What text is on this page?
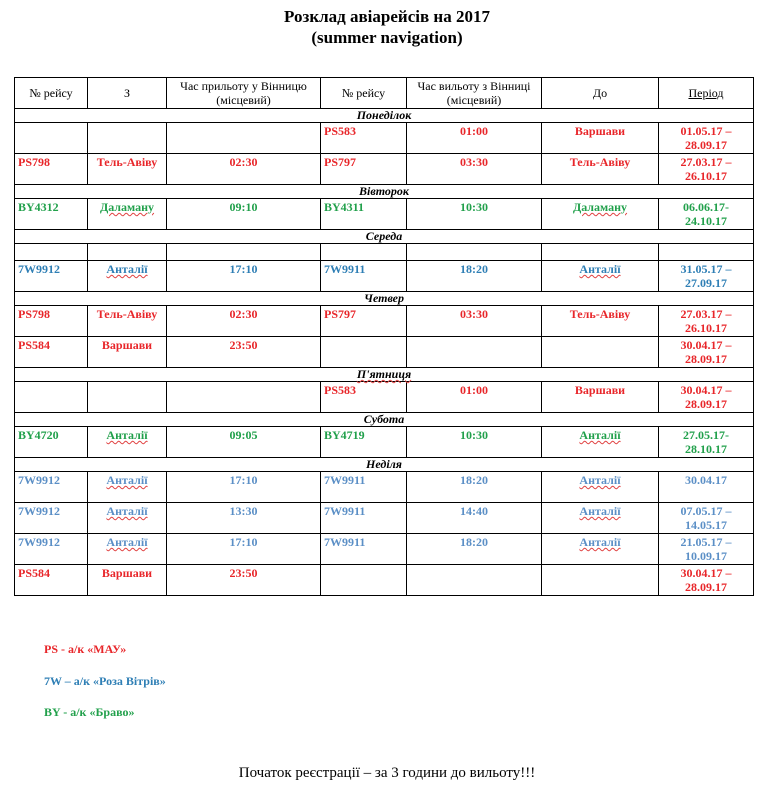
Розклад авіарейсів на 2017
(summer navigation)
№ рейсу	З	Час прильоту у Вінницю (місцевий)	№ рейсу	Час вильоту з Вінниці (місцевий)	До	Період
Понеділок						
			PS583	01:00	Варшави	01.05.17 – 28.09.17
PS798	Тель-Авіву	02:30	PS797	03:30	Тель-Авіву	27.03.17 – 26.10.17
Вівторок						
BY4312	Даламану	09:10	BY4311	10:30	Даламану	06.06.17- 24.10.17
Середа						

7W9912	Анталії	17:10	7W9911	18:20	Анталії	31.05.17 – 27.09.17
Четвер						
PS798	Тель-Авіву	02:30	PS797	03:30	Тель-Авіву	27.03.17 – 26.10.17
PS584	Варшави	23:50				30.04.17 – 28.09.17
П'ятниця						
			PS583	01:00	Варшави	30.04.17 – 28.09.17
Субота						
BY4720	Анталії	09:05	BY4719	10:30	Анталії	27.05.17- 28.10.17
Неділя						
7W9912	Анталії	17:10	7W9911	18:20	Анталії	30.04.17
7W9912	Анталії	13:30	7W9911	14:40	Анталії	07.05.17 – 14.05.17
7W9912	Анталії	17:10	7W9911	18:20	Анталії	21.05.17 – 10.09.17
PS584	Варшави	23:50				30.04.17 – 28.09.17
PS - а/к «МАУ»
7W – а/к «Роза Вітрів»
BY - а/к «Браво»
Початок реєстрації – за 3 години до вильоту!!!
